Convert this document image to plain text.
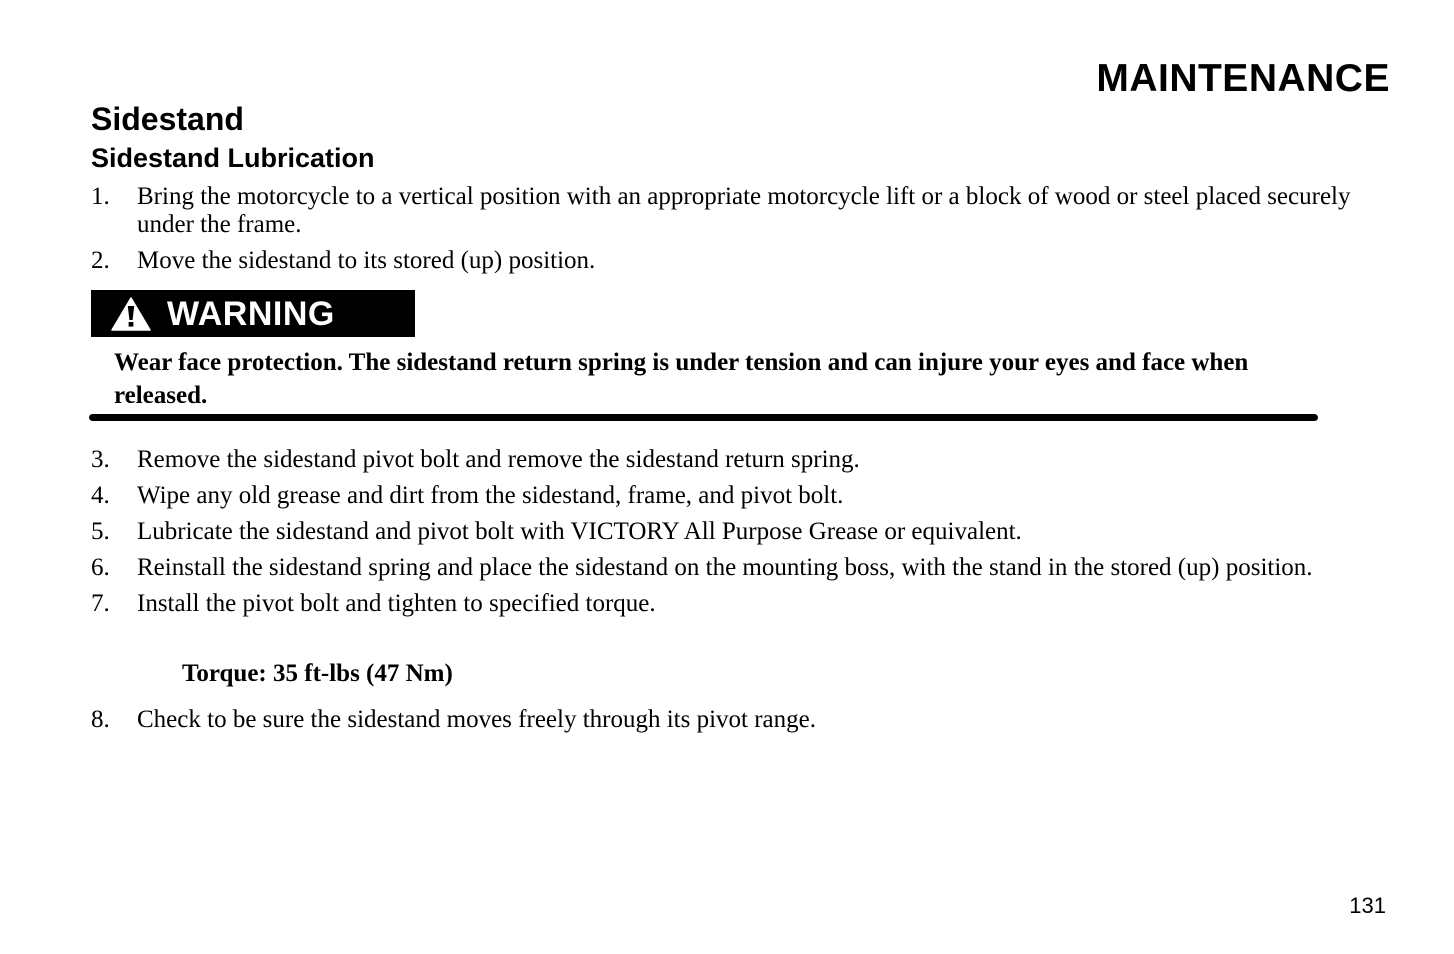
MAINTENANCE
Sidestand
Sidestand Lubrication
1.	Bring the motorcycle to a vertical position with an appropriate motorcycle lift or a block of wood or steel placed securely under the frame.
2.	Move the sidestand to its stored (up) position.
WARNING

Wear face protection. The sidestand return spring is under tension and can injure your eyes and face when released.

3.	Remove the sidestand pivot bolt and remove the sidestand return spring.
4.	Wipe any old grease and dirt from the sidestand, frame, and pivot bolt.
5.	Lubricate the sidestand and pivot bolt with VICTORY All Purpose Grease or equivalent.
6.	Reinstall the sidestand spring and place the sidestand on the mounting boss, with the stand in the stored (up) position.
7.	Install the pivot bolt and tighten to specified torque.

Torque: 35 ft-lbs (47 Nm)

8.	Check to be sure the sidestand moves freely through its pivot range.

131
